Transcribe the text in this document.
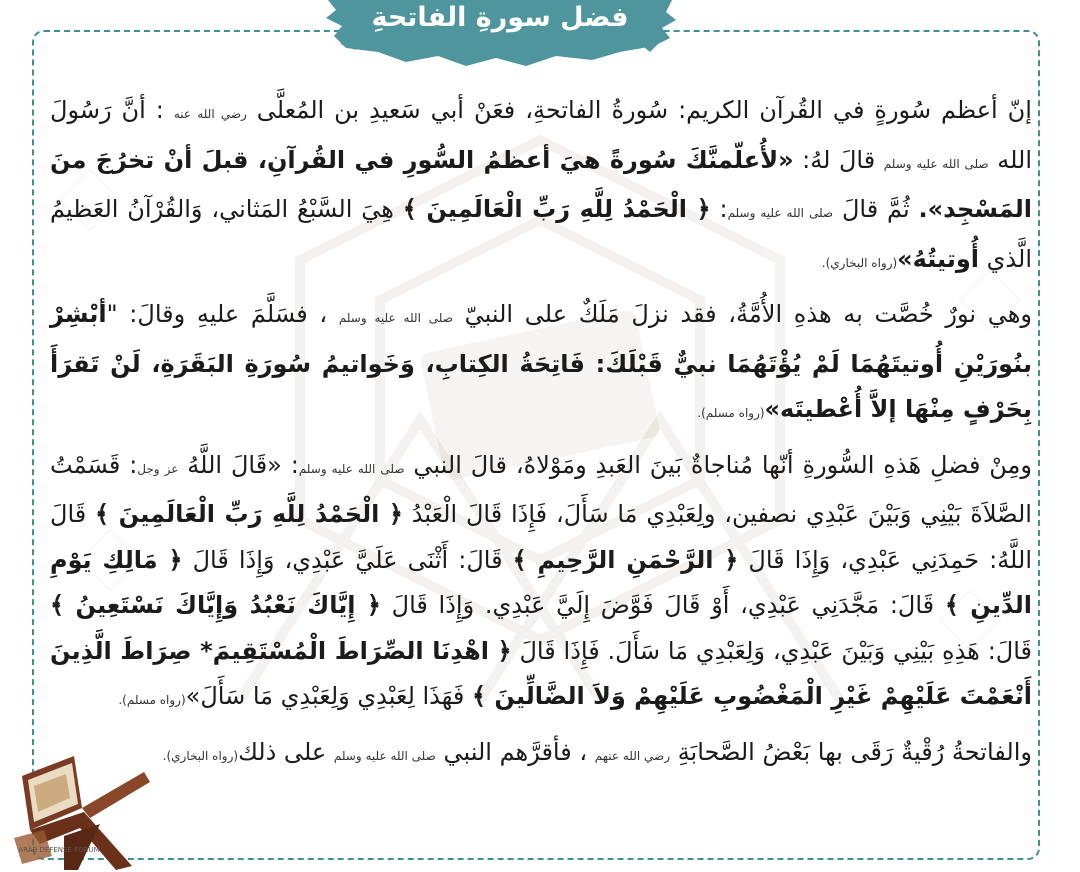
فضل سورةِ الفاتحةِ

إنّ أعظم سُورةٍ في القُرآن الكريم: سُورةُ الفاتحةِ، فعَنْ أبي سَعيدِ بن المُعلَّى رضي الله عنه : أنَّ رَسُولَ الله صلى الله عليه وسلم قالَ لهُ: «لأُعلّمنَّكَ سُورةً هيَ أعظمُ السُّورِ في القُرآنِ، قبلَ أنْ تخرُجَ منَ المَسْجِد». ثُمَّ قالَ صلى الله عليه وسلم: ﴿ الْحَمْدُ لِلَّهِ رَبِّ الْعَالَمِينَ ﴾ هِيَ السَّبْعُ المَثاني، وَالقُرْآنُ العَظيمُ الَّذي أُوتيتُهُ»(رواه البخاري).

وهي نورٌ خُصَّت به هذهِ الأُمَّةُ، فقد نزلَ مَلَكٌ على النبيّ صلى الله عليه وسلم ، فسَلَّمَ عليهِ وقالَ: "أبْشِرْ بنُورَيْنِ أُوتيتَهُمَا لَمْ يُؤْتَهُمَا نبيٌّ قَبْلَكَ: فَاتِحَةُ الكِتابِ، وَخَواتيمُ سُورَةِ البَقَرَةِ، لَنْ تَقرَأَ بِحَرْفٍ مِنْهَا إلاَّ أُعْطيتَه»(رواه مسلم).

ومِنْ فضلِ هَذهِ السُّورةِ أنّها مُناجاةٌ بَينَ العَبدِ ومَوْلاهُ، قالَ النبي صلى الله عليه وسلم: «قَالَ اللَّهُ عز وجل: قَسَمْتُ الصَّلاَةَ بَيْنِي وَبَيْنَ عَبْدِي نصفين، ولِعَبْدِي مَا سَأَلَ، فَإِذَا قَالَ الْعَبْدُ ﴿ الْحَمْدُ لِلَّهِ رَبِّ الْعَالَمِينَ ﴾ قَالَ اللَّهُ: حَمِدَنِي عَبْدِي، وَإِذَا قَالَ ﴿ الرَّحْمَنِ الرَّحِيمِ ﴾ قَالَ: أَثْنَى عَلَيَّ عَبْدِي، وَإِذَا قَالَ ﴿ مَالِكِ يَوْمِ الدِّينِ ﴾ قَالَ: مَجَّدَنِي عَبْدِي، أَوْ قَالَ فَوَّضَ إِلَيَّ عَبْدِي. وَإِذَا قَالَ ﴿ إِيَّاكَ نَعْبُدُ وَإِيَّاكَ نَسْتَعِينُ ﴾ قَالَ: هَذِهِ بَيْنِي وَبَيْنَ عَبْدِي، وَلِعَبْدِي مَا سَأَلَ. فَإِذَا قَالَ ﴿ اهْدِنَا الصِّرَاطَ الْمُسْتَقِيمَ* صِرَاطَ الَّذِينَ أَنْعَمْتَ عَلَيْهِمْ غَيْرِ الْمَغْضُوبِ عَلَيْهِمْ وَلاَ الضَّالِّينَ ﴾ فَهَذَا لِعَبْدِي وَلِعَبْدِي مَا سَأَلَ»(رواه مسلم).

والفاتحةُ رُقْيةٌ رَقَى بها بَعْضُ الصَّحابَةِ رضي الله عنهم ، فأقرَّهم النبي صلى الله عليه وسلم على ذلك(رواه البخاري).

ARAB DEFENSE FORUM
